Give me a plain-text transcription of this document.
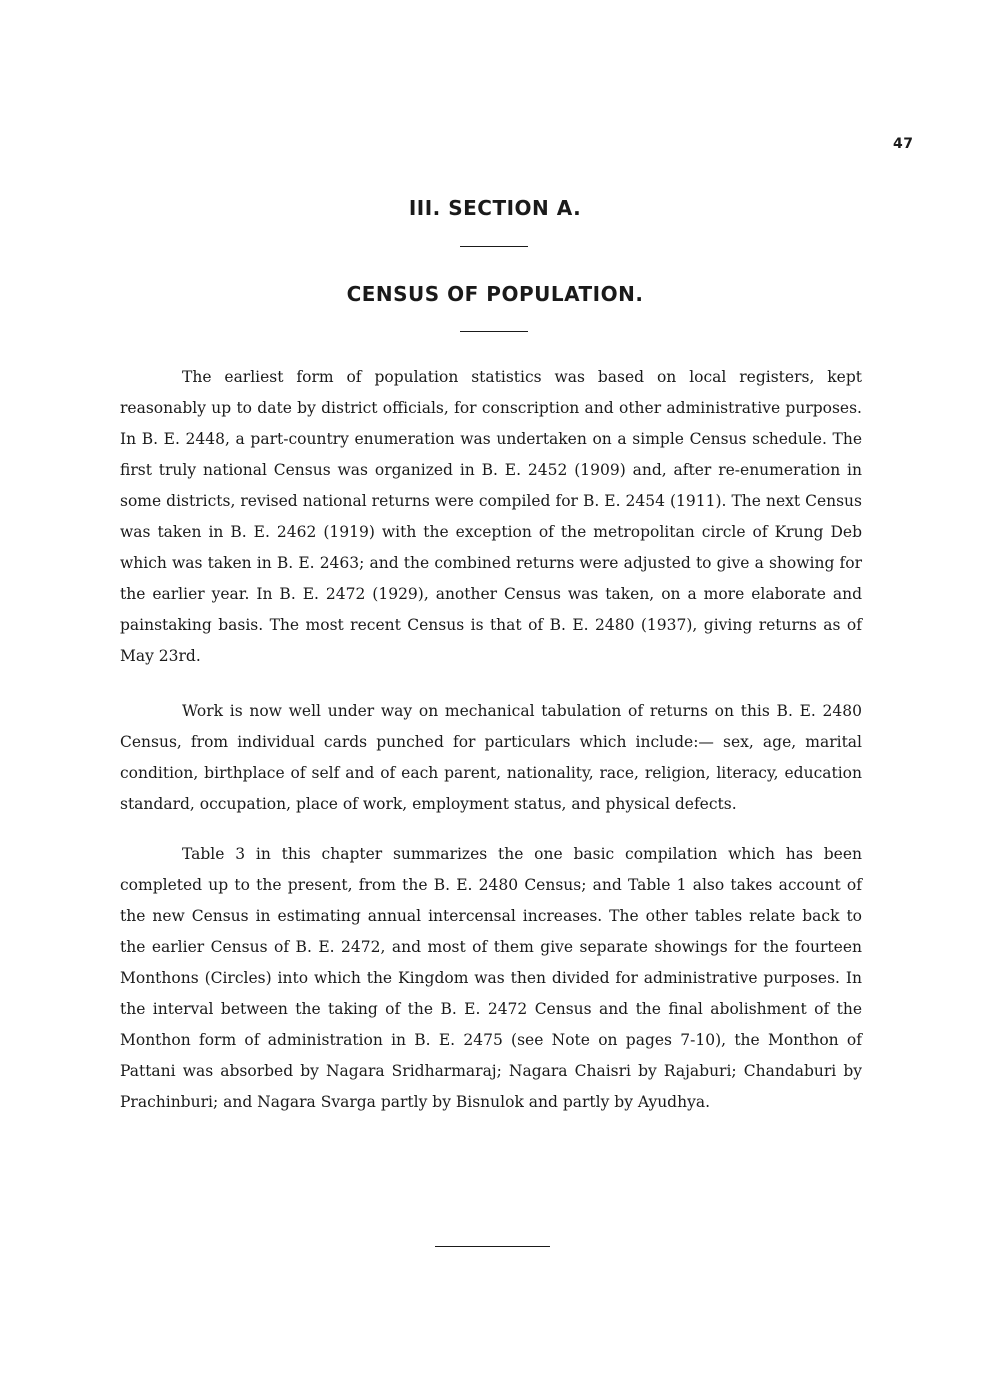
47
III. SECTION A.
CENSUS OF POPULATION.

The earliest form of population statistics was based on local registers, kept reasonably up to date by district officials, for conscription and other administrative purposes. In B. E. 2448, a part-country enumeration was undertaken on a simple Census schedule. The first truly national Census was organized in B. E. 2452 (1909) and, after re-enumeration in some districts, revised national returns were compiled for B. E. 2454 (1911). The next Census was taken in B. E. 2462 (1919) with the exception of the metropolitan circle of Krung Deb which was taken in B. E. 2463; and the combined returns were adjusted to give a showing for the earlier year. In B. E. 2472 (1929), another Census was taken, on a more elaborate and painstaking basis. The most recent Census is that of B. E. 2480 (1937), giving returns as of May 23rd.

Work is now well under way on mechanical tabulation of returns on this B. E. 2480 Census, from individual cards punched for particulars which include:— sex, age, marital condition, birthplace of self and of each parent, nationality, race, religion, literacy, education standard, occupation, place of work, employment status, and physical defects.

Table 3 in this chapter summarizes the one basic compilation which has been completed up to the present, from the B. E. 2480 Census; and Table 1 also takes account of the new Census in estimating annual intercensal increases. The other tables relate back to the earlier Census of B. E. 2472, and most of them give separate showings for the fourteen Monthons (Circles) into which the Kingdom was then divided for administrative purposes. In the interval between the taking of the B. E. 2472 Census and the final abolishment of the Monthon form of administration in B. E. 2475 (see Note on pages 7-10), the Monthon of Pattani was absorbed by Nagara Sridharmaraj; Nagara Chaisri by Rajaburi; Chandaburi by Prachinburi; and Nagara Svarga partly by Bisnulok and partly by Ayudhya.
